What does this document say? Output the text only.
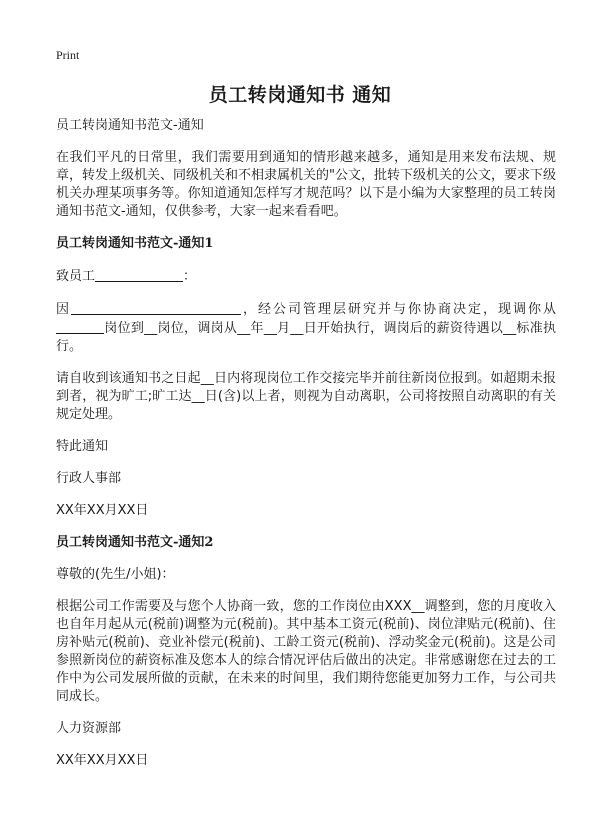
Print
员工转岗通知书 通知

员工转岗通知书范文-通知

在我们平凡的日常里，我们需要用到通知的情形越来越多，通知是用来发布法规、规章，转发上级机关、同级机关和不相隶属机关的"公文，批转下级机关的公文，要求下级机关办理某项事务等。你知道通知怎样写才规范吗？以下是小编为大家整理的员工转岗通知书范文-通知，仅供参考，大家一起来看看吧。

员工转岗通知书范文-通知1

致员工	：

因	，经公司管理层研究并与你协商决定，现调你从岗位到__岗位，调岗从__年__月__日开始执行，调岗后的薪资待遇以__标准执行。

请自收到该通知书之日起__日内将现岗位工作交接完毕并前往新岗位报到。如超期未报到者，视为旷工;旷工达__日(含)以上者，则视为自动离职，公司将按照自动离职的有关规定处理。

特此通知

行政人事部

XX年XX月XX日

员工转岗通知书范文-通知2

尊敬的(先生/小姐)：

根据公司工作需要及与您个人协商一致，您的工作岗位由XXX__调整到，您的月度收入也自年月起从元(税前)调整为元(税前)。其中基本工资元(税前)、岗位津贴元(税前)、住房补贴元(税前)、竞业补偿元(税前)、工龄工资元(税前)、浮动奖金元(税前)。这是公司参照新岗位的薪资标准及您本人的综合情况评估后做出的决定。非常感谢您在过去的工作中为公司发展所做的贡献，在未来的时间里，我们期待您能更加努力工作，与公司共同成长。

人力资源部

XX年XX月XX日
